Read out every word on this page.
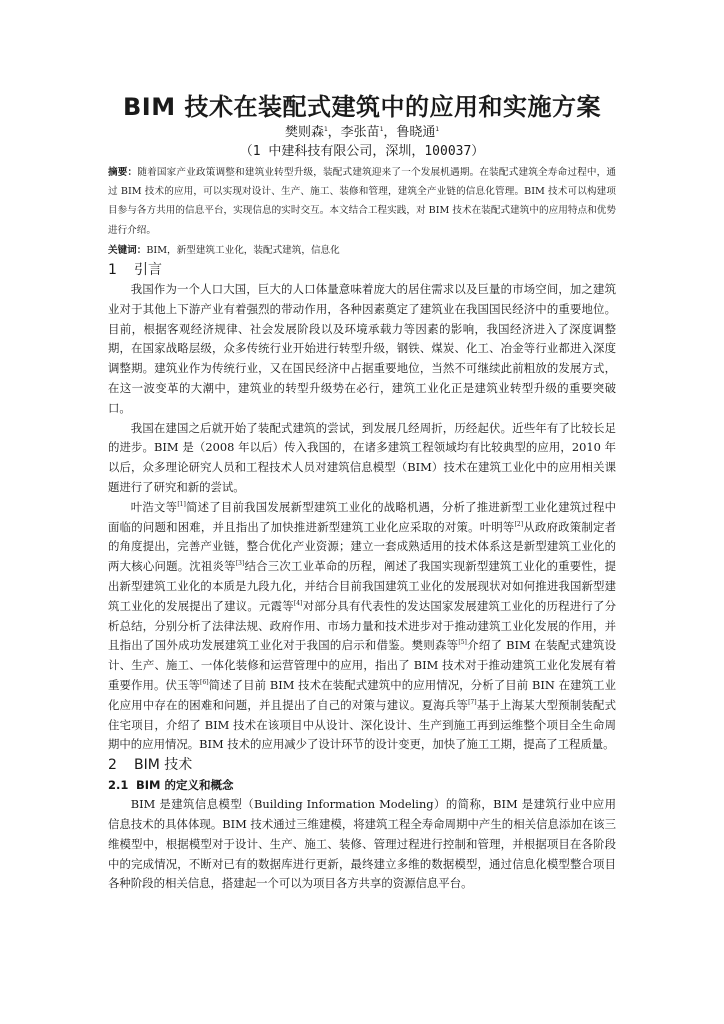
BIM 技术在装配式建筑中的应用和实施方案
樊则森$^1$，李张苗$^1$，鲁晓通$^1$
（1 中建科技有限公司，深圳，100037）
摘要：随着国家产业政策调整和建筑业转型升级，装配式建筑迎来了一个发展机遇期。在装配式建筑全寿命过程中，通过 BIM 技术的应用，可以实现对设计、生产、施工、装修和管理，建筑全产业链的信息化管理。BIM 技术可以构建项目参与各方共用的信息平台，实现信息的实时交互。本文结合工程实践，对 BIM 技术在装配式建筑中的应用特点和优势进行介绍。
关键词：BIM，新型建筑工业化，装配式建筑，信息化
1 引言

我国作为一个人口大国，巨大的人口体量意味着庞大的居住需求以及巨量的市场空间，加之建筑业对于其他上下游产业有着强烈的带动作用，各种因素奠定了建筑业在我国国民经济中的重要地位。目前，根据客观经济规律、社会发展阶段以及环境承载力等因素的影响，我国经济进入了深度调整期，在国家战略层级，众多传统行业开始进行转型升级，钢铁、煤炭、化工、冶金等行业都进入深度调整期。建筑业作为传统行业，又在国民经济中占据重要地位，当然不可继续此前粗放的发展方式，在这一波变革的大潮中，建筑业的转型升级势在必行，建筑工业化正是建筑业转型升级的重要突破口。

我国在建国之后就开始了装配式建筑的尝试，到发展几经周折，历经起伏。近些年有了比较长足的进步。BIM 是（2008 年以后）传入我国的，在诸多建筑工程领域均有比较典型的应用，2010 年以后，众多理论研究人员和工程技术人员对建筑信息模型（BIM）技术在建筑工业化中的应用相关课题进行了研究和新的尝试。

叶浩文等[1]简述了目前我国发展新型建筑工业化的战略机遇，分析了推进新型工业化建筑过程中面临的问题和困难，并且指出了加快推进新型建筑工业化应采取的对策。叶明等[2]从政府政策制定者的角度提出，完善产业链，整合优化产业资源；建立一套成熟适用的技术体系这是新型建筑工业化的两大核心问题。沈祖炎等[3]结合三次工业革命的历程，阐述了我国实现新型建筑工业化的重要性，提出新型建筑工业化的本质是九段九化，并结合目前我国建筑工业化的发展现状对如何推进我国新型建筑工业化的发展提出了建议。元霞等[4]对部分具有代表性的发达国家发展建筑工业化的历程进行了分析总结，分别分析了法律法规、政府作用、市场力量和技术进步对于推动建筑工业化发展的作用，并且指出了国外成功发展建筑工业化对于我国的启示和借鉴。樊则森等[5]介绍了 BIM 在装配式建筑设计、生产、施工、一体化装修和运营管理中的应用，指出了 BIM 技术对于推动建筑工业化发展有着重要作用。伏玉等[6]简述了目前 BIM 技术在装配式建筑中的应用情况，分析了目前 BIN 在建筑工业化应用中存在的困难和问题，并且提出了自己的对策与建议。夏海兵等[7]基于上海某大型预制装配式住宅项目，介绍了 BIM 技术在该项目中从设计、深化设计、生产到施工再到运维整个项目全生命周期中的应用情况。BIM 技术的应用减少了设计环节的设计变更，加快了施工工期，提高了工程质量。

2 BIM 技术
2.1 BIM 的定义和概念

BIM 是建筑信息模型（Building Information Modeling）的简称，BIM 是建筑行业中应用信息技术的具体体现。BIM 技术通过三维建模，将建筑工程全寿命周期中产生的相关信息添加在该三维模型中，根据模型对于设计、生产、施工、装修、管理过程进行控制和管理，并根据项目在各阶段中的完成情况，不断对已有的数据库进行更新，最终建立多维的数据模型，通过信息化模型整合项目各种阶段的相关信息，搭建起一个可以为项目各方共享的资源信息平台。
